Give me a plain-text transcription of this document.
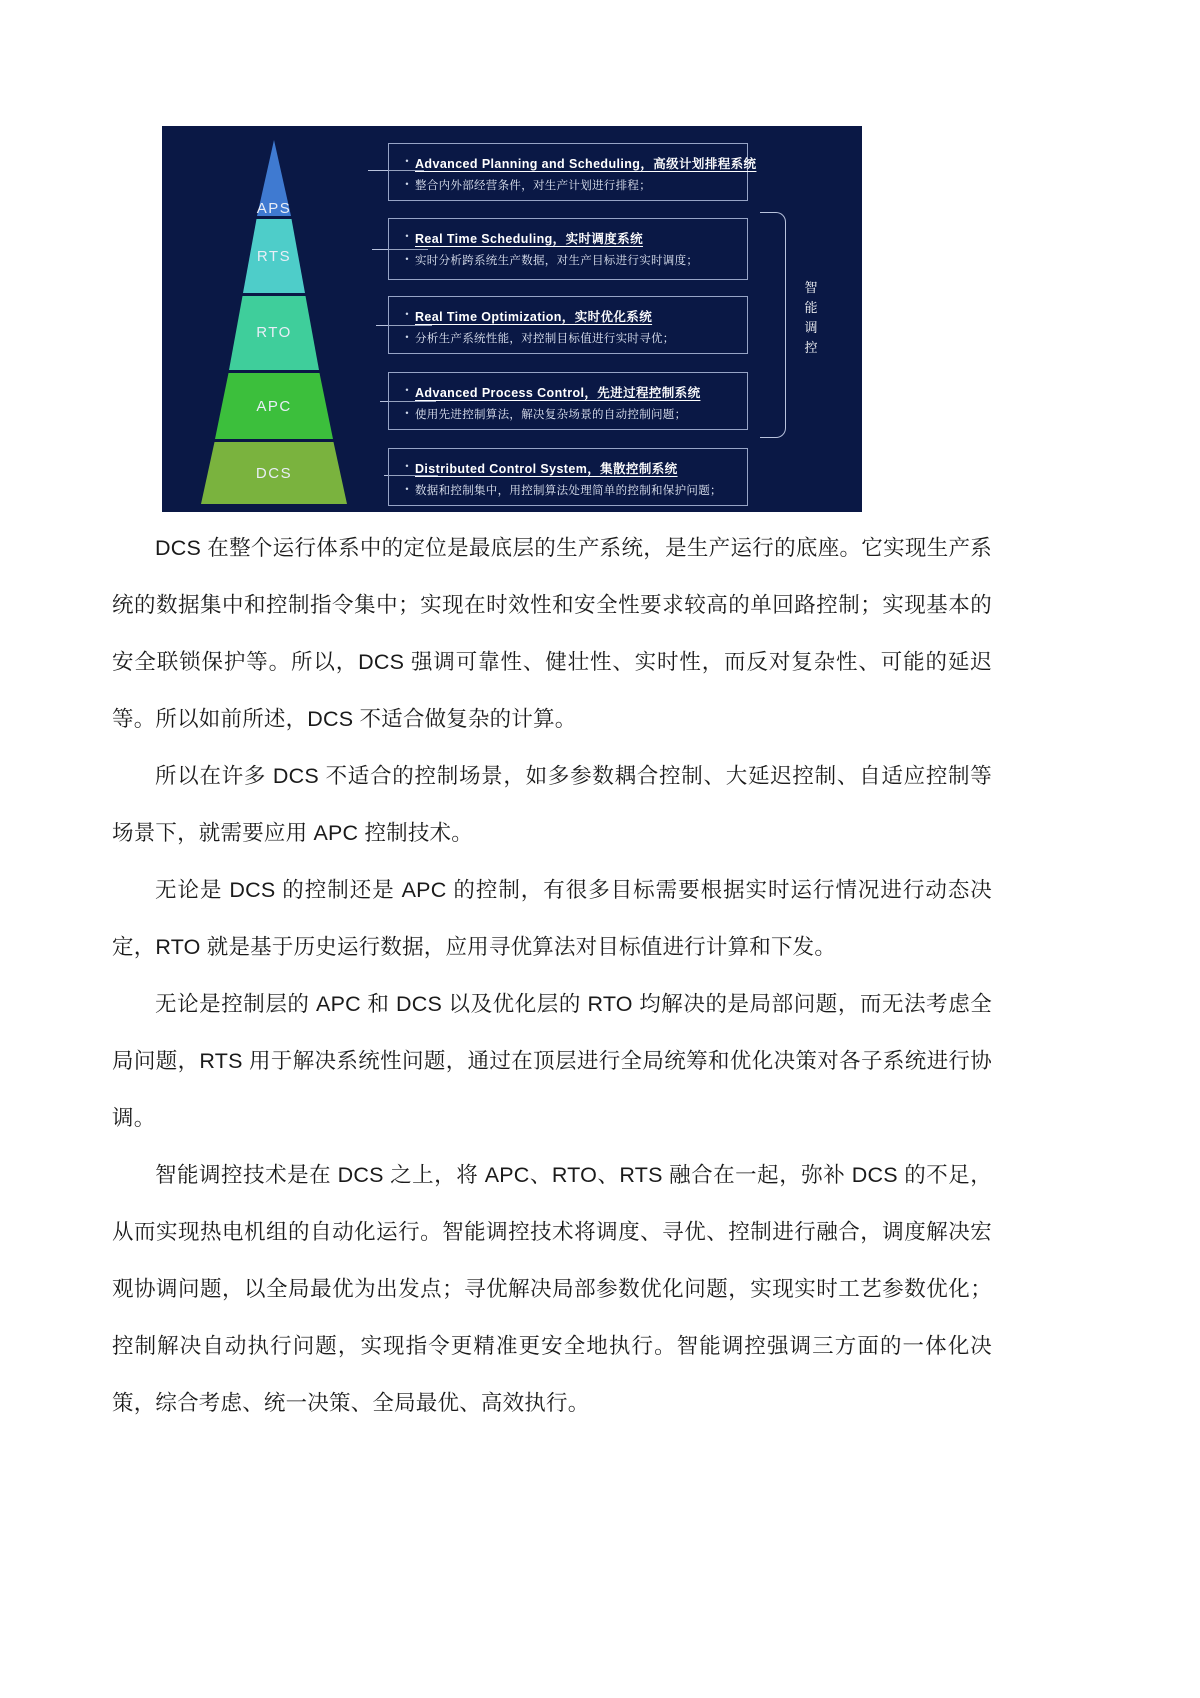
APS
RTS
RTO
APC
DCS
• Advanced Planning and Scheduling，高级计划排程系统
• 整合内外部经营条件，对生产计划进行排程；
• Real Time Scheduling，实时调度系统
• 实时分析跨系统生产数据，对生产目标进行实时调度；
• Real Time Optimization，实时优化系统
• 分析生产系统性能，对控制目标值进行实时寻优；
• Advanced Process Control，先进过程控制系统
• 使用先进控制算法，解决复杂场景的自动控制问题；
• Distributed Control System，集散控制系统
• 数据和控制集中，用控制算法处理简单的控制和保护问题；
智
能
调
控

DCS 在整个运行体系中的定位是最底层的生产系统，是生产运行的底座。它实现生产系统的数据集中和控制指令集中；实现在时效性和安全性要求较高的单回路控制；实现基本的安全联锁保护等。所以，DCS 强调可靠性、健壮性、实时性，而反对复杂性、可能的延迟等。所以如前所述，DCS 不适合做复杂的计算。

所以在许多 DCS 不适合的控制场景，如多参数耦合控制、大延迟控制、自适应控制等场景下，就需要应用 APC 控制技术。

无论是 DCS 的控制还是 APC 的控制，有很多目标需要根据实时运行情况进行动态决定，RTO 就是基于历史运行数据，应用寻优算法对目标值进行计算和下发。

无论是控制层的 APC 和 DCS 以及优化层的 RTO 均解决的是局部问题，而无法考虑全局问题，RTS 用于解决系统性问题，通过在顶层进行全局统筹和优化决策对各子系统进行协调。

智能调控技术是在 DCS 之上，将 APC、RTO、RTS 融合在一起，弥补 DCS 的不足，从而实现热电机组的自动化运行。智能调控技术将调度、寻优、控制进行融合，调度解决宏观协调问题，以全局最优为出发点；寻优解决局部参数优化问题，实现实时工艺参数优化；控制解决自动执行问题，实现指令更精准更安全地执行。智能调控强调三方面的一体化决策，综合考虑、统一决策、全局最优、高效执行。
